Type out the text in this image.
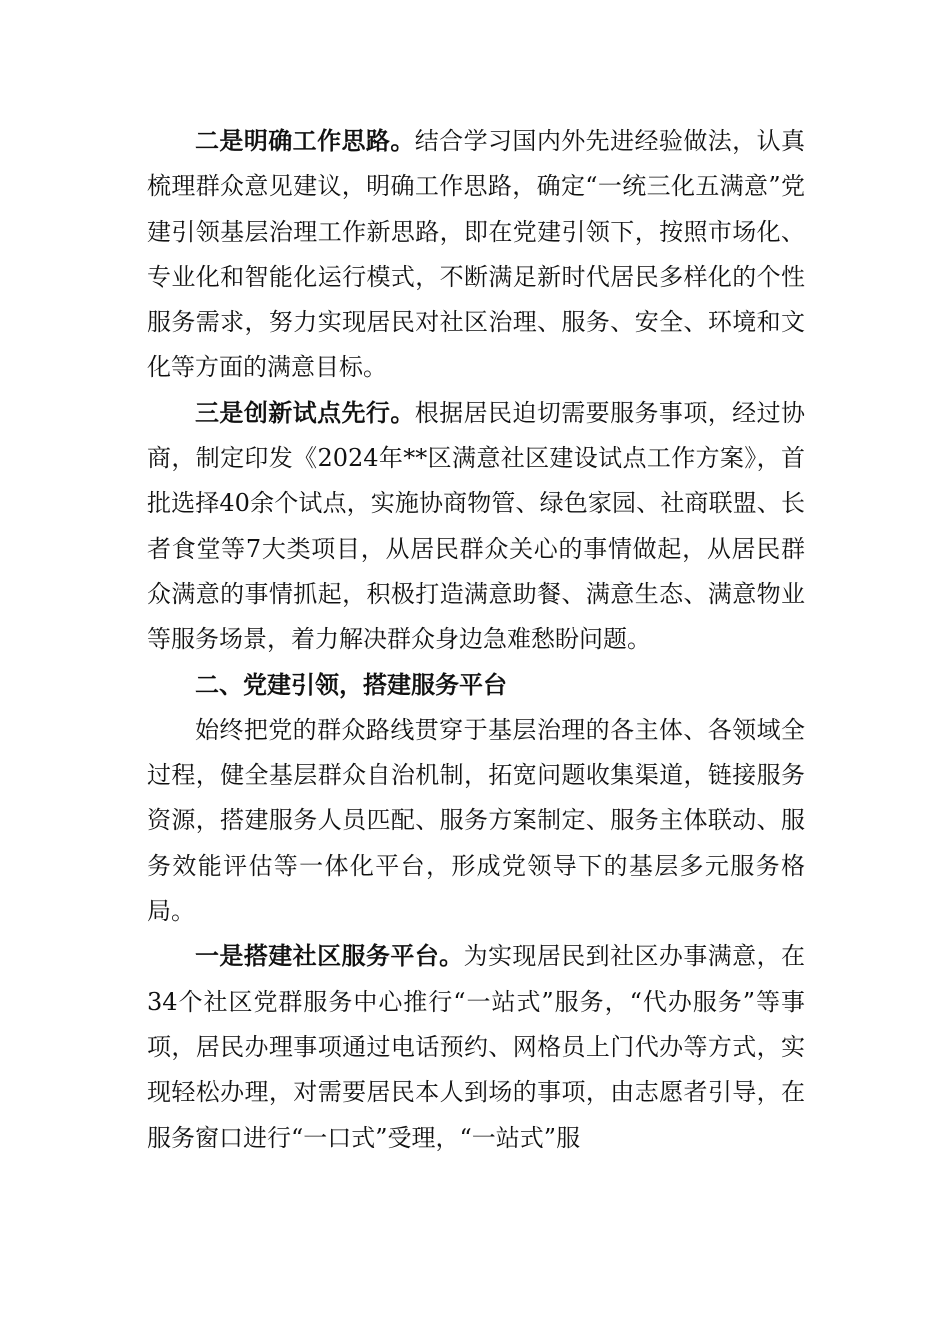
二是明确工作思路。结合学习国内外先进经验做法，认真梳理群众意见建议，明确工作思路，确定“一统三化五满意”党建引领基层治理工作新思路，即在党建引领下，按照市场化、专业化和智能化运行模式，不断满足新时代居民多样化的个性服务需求，努力实现居民对社区治理、服务、安全、环境和文化等方面的满意目标。

三是创新试点先行。根据居民迫切需要服务事项，经过协商，制定印发《2024年**区满意社区建设试点工作方案》，首批选择40余个试点，实施协商物管、绿色家园、社商联盟、长者食堂等7大类项目，从居民群众关心的事情做起，从居民群众满意的事情抓起，积极打造满意助餐、满意生态、满意物业等服务场景，着力解决群众身边急难愁盼问题。

二、党建引领，搭建服务平台

始终把党的群众路线贯穿于基层治理的各主体、各领域全过程，健全基层群众自治机制，拓宽问题收集渠道，链接服务资源，搭建服务人员匹配、服务方案制定、服务主体联动、服务效能评估等一体化平台，形成党领导下的基层多元服务格局。

一是搭建社区服务平台。为实现居民到社区办事满意，在34个社区党群服务中心推行“一站式”服务，“代办服务”等事项，居民办理事项通过电话预约、网格员上门代办等方式，实现轻松办理，对需要居民本人到场的事项，由志愿者引导，在服务窗口进行“一口式”受理，“一站式”服
